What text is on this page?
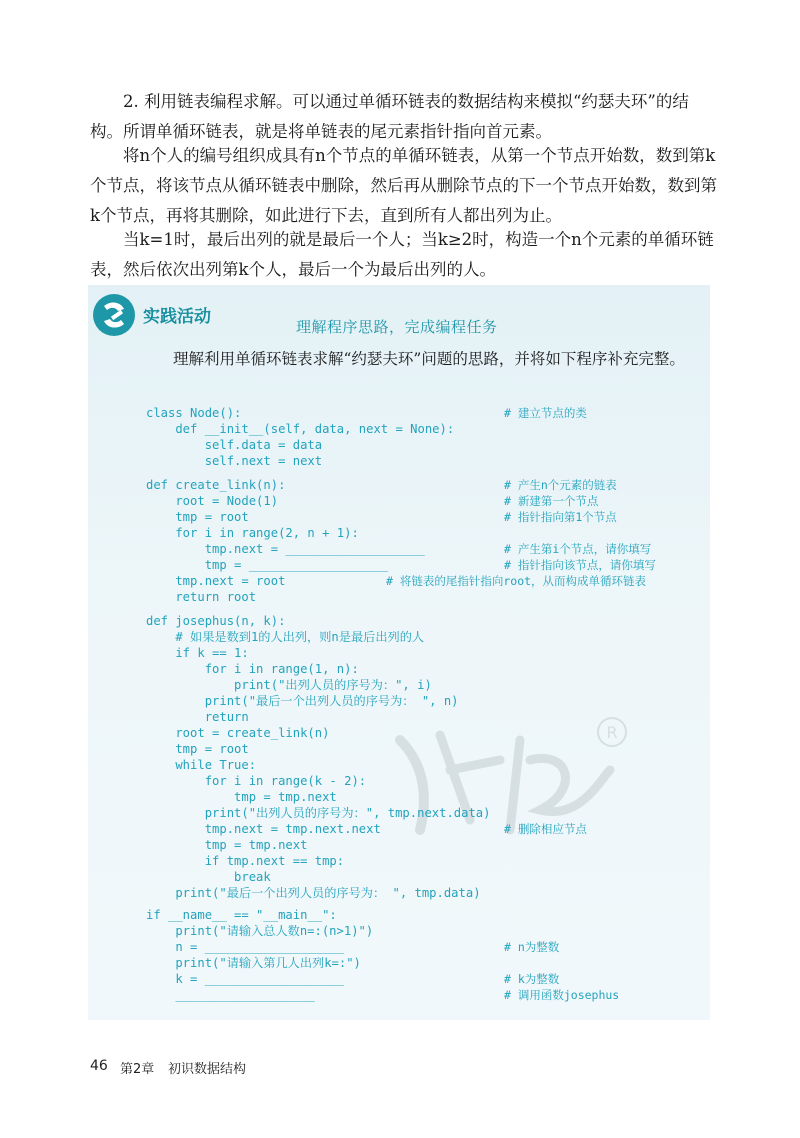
2. 利用链表编程求解。可以通过单循环链表的数据结构来模拟“约瑟夫环”的结构。所谓单循环链表，就是将单链表的尾元素指针指向首元素。

将n个人的编号组织成具有n个节点的单循环链表，从第一个节点开始数，数到第k个节点，将该节点从循环链表中删除，然后再从删除节点的下一个节点开始数，数到第k个节点，再将其删除，如此进行下去，直到所有人都出列为止。

当k=1时，最后出列的就是最后一个人；当k≥2时，构造一个n个元素的单循环链表，然后依次出列第k个人，最后一个为最后出列的人。

实践活动	理解程序思路，完成编程任务
理解利用单循环链表求解“约瑟夫环”问题的思路，并将如下程序补充完整。
R
class Node():
def __init__(self, data, next = None):
self.data = data
self.next = next
def create_link(n):
root = Node(1)
tmp = root
for i in range(2, n + 1):
tmp.next = ___________________
tmp = ___________________
tmp.next = root
return root
def josephus(n, k):
# 如果是数到1的人出列，则n是最后出列的人
if k == 1:
for i in range(1, n):
print("出列人员的序号为：", i)
print("最后一个出列人员的序号为： ", n)
return
root = create_link(n)
tmp = root
while True:
for i in range(k - 2):
tmp = tmp.next
print("出列人员的序号为：", tmp.next.data)
tmp.next = tmp.next.next
tmp = tmp.next
if tmp.next == tmp:
break
print("最后一个出列人员的序号为： ", tmp.data)
if __name__ == "__main__":
print("请输入总人数n=:(n>1)")
n = ___________________
print("请输入第几人出列k=:")
k = ___________________
___________________
# 建立节点的类
# 产生n个元素的链表
# 新建第一个节点
# 指针指向第1个节点
# 产生第i个节点，请你填写
# 指针指向该节点，请你填写
# 将链表的尾指针指向root，从而构成单循环链表
# 删除相应节点
# n为整数
# k为整数
# 调用函数josephus
46 第2章 初识数据结构
